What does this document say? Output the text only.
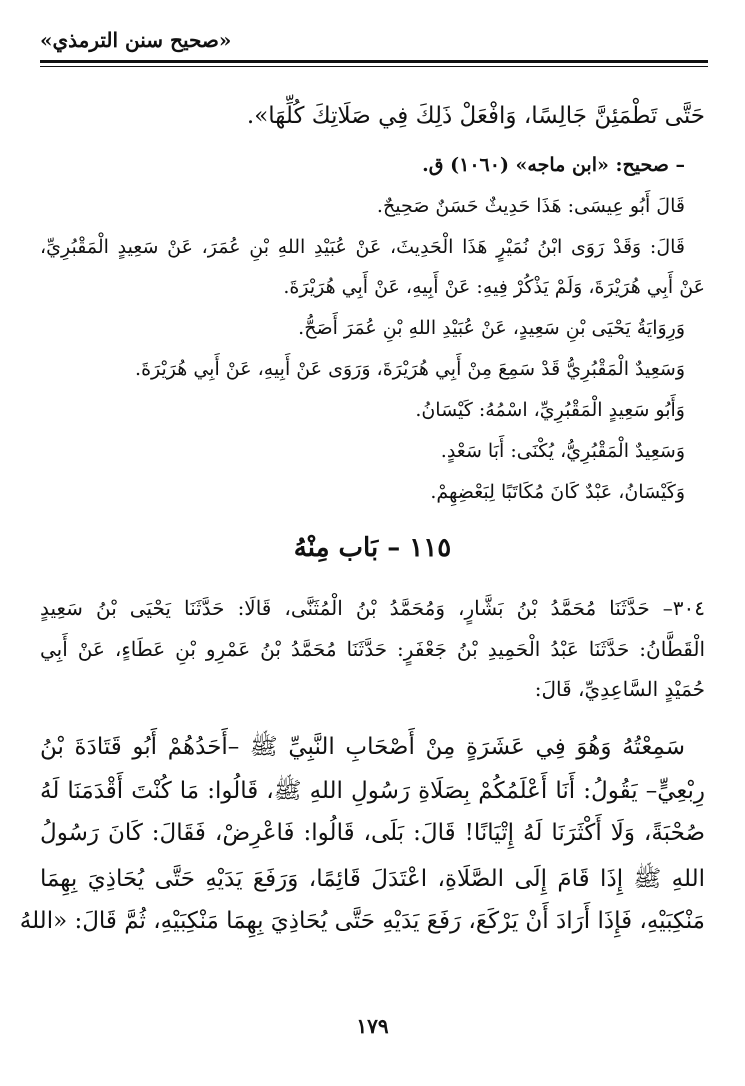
«صحيح سنن الترمذي»
حَتَّى تَطْمَئِنَّ جَالِسًا، وَافْعَلْ ذَلِكَ فِي صَلَاتِكَ كُلِّهَا».
– صحيح: «ابن ماجه» (١٠٦٠) ق.
قَالَ أَبُو عِيسَى: هَذَا حَدِيثٌ حَسَنٌ صَحِيحٌ.
قَالَ: وَقَدْ رَوَى ابْنُ نُمَيْرٍ هَذَا الْحَدِيثَ، عَنْ عُبَيْدِ اللهِ بْنِ عُمَرَ، عَنْ سَعِيدٍ الْمَقْبُرِيِّ،
عَنْ أَبِي هُرَيْرَةَ، وَلَمْ يَذْكُرْ فِيهِ: عَنْ أَبِيهِ، عَنْ أَبِي هُرَيْرَةَ.
وَرِوَايَةُ يَحْيَى بْنِ سَعِيدٍ، عَنْ عُبَيْدِ اللهِ بْنِ عُمَرَ أَصَحُّ.
وَسَعِيدٌ الْمَقْبُرِيُّ قَدْ سَمِعَ مِنْ أَبِي هُرَيْرَةَ، وَرَوَى عَنْ أَبِيهِ، عَنْ أَبِي هُرَيْرَةَ.
وَأَبُو سَعِيدٍ الْمَقْبُرِيِّ، اسْمُهُ: كَيْسَانُ.
وَسَعِيدٌ الْمَقْبُرِيُّ، يُكْنَى: أَبَا سَعْدٍ.
وَكَيْسَانُ، عَبْدٌ كَانَ مُكَاتَبًا لِبَعْضِهِمْ.
١١٥ – بَاب مِنْهُ
٣٠٤– حَدَّثَنَا مُحَمَّدُ بْنُ بَشَّارٍ، وَمُحَمَّدُ بْنُ الْمُثَنَّى، قَالَا: حَدَّثَنَا يَحْيَى بْنُ سَعِيدٍ
الْقَطَّانُ: حَدَّثَنَا عَبْدُ الْحَمِيدِ بْنُ جَعْفَرٍ: حَدَّثَنَا مُحَمَّدُ بْنُ عَمْرِو بْنِ عَطَاءٍ، عَنْ أَبِي
حُمَيْدٍ السَّاعِدِيِّ، قَالَ:
سَمِعْتُهُ وَهُوَ فِي عَشَرَةٍ مِنْ أَصْحَابِ النَّبِيِّ ﷺ –أَحَدُهُمْ أَبُو قَتَادَةَ بْنُ
رِبْعِيٍّ– يَقُولُ: أَنَا أَعْلَمُكُمْ بِصَلَاةِ رَسُولِ اللهِ ﷺ، قَالُوا: مَا كُنْتَ أَقْدَمَنَا لَهُ
صُحْبَةً، وَلَا أَكْثَرَنَا لَهُ إِتْيَانًا! قَالَ: بَلَى، قَالُوا: فَاعْرِضْ، فَقَالَ: كَانَ رَسُولُ
اللهِ ﷺ إِذَا قَامَ إِلَى الصَّلَاةِ، اعْتَدَلَ قَائِمًا، وَرَفَعَ يَدَيْهِ حَتَّى يُحَاذِيَ بِهِمَا
مَنْكِبَيْهِ، فَإِذَا أَرَادَ أَنْ يَرْكَعَ، رَفَعَ يَدَيْهِ حَتَّى يُحَاذِيَ بِهِمَا مَنْكِبَيْهِ، ثُمَّ قَالَ: «اللهُ
١٧٩
